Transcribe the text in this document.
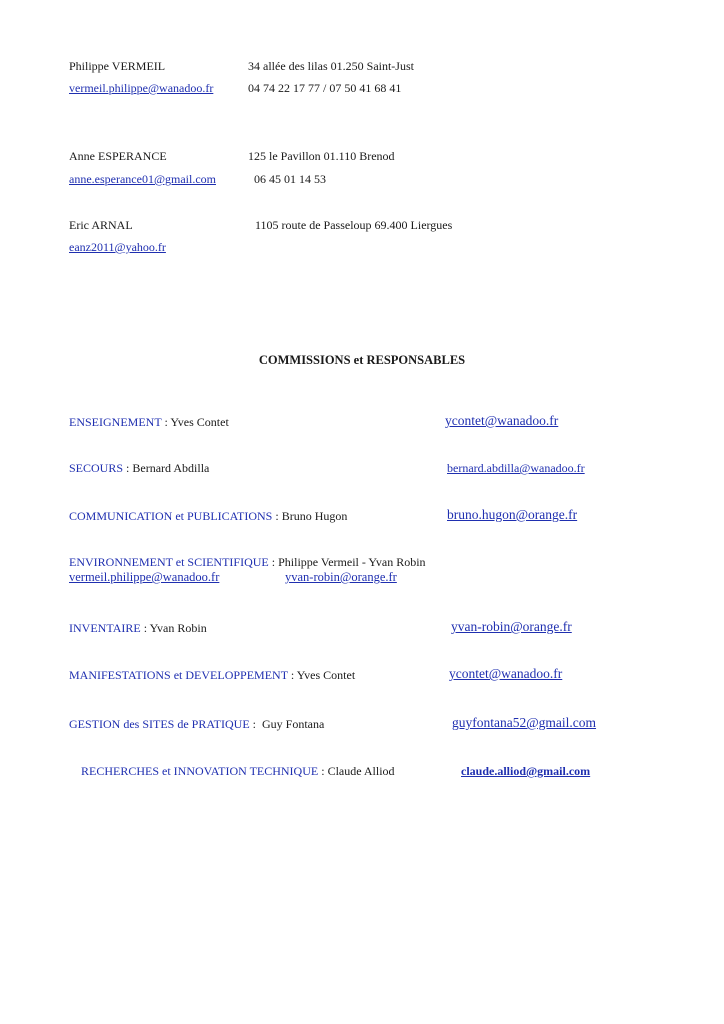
Philippe VERMEIL	34 allée des lilas 01.250 Saint-Just
vermeil.philippe@wanadoo.fr	04 74 22 17 77 / 07 50 41 68 41
Anne ESPERANCE	125 le Pavillon 01.110 Brenod
anne.esperance01@gmail.com	06 45 01 14 53
Eric ARNAL	1105 route de Passeloup 69.400 Liergues
eanz2011@yahoo.fr
COMMISSIONS et RESPONSABLES
ENSEIGNEMENT : Yves Contet	ycontet@wanadoo.fr
SECOURS : Bernard Abdilla	bernard.abdilla@wanadoo.fr
COMMUNICATION et PUBLICATIONS : Bruno Hugon	bruno.hugon@orange.fr
ENVIRONNEMENT et SCIENTIFIQUE : Philippe Vermeil - Yvan Robin
vermeil.philippe@wanadoo.fr	yvan-robin@orange.fr
INVENTAIRE : Yvan Robin	yvan-robin@orange.fr
MANIFESTATIONS et DEVELOPPEMENT : Yves Contet	ycontet@wanadoo.fr
GESTION des SITES de PRATIQUE :  Guy Fontana	guyfontana52@gmail.com
RECHERCHES et INNOVATION TECHNIQUE : Claude Alliod	claude.alliod@gmail.com
